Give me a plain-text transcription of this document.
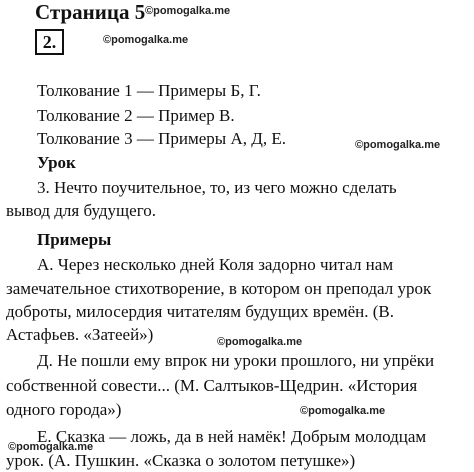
Страница 5 ©pomogalka.me
2.	©pomogalka.me
Толкование 1 — Примеры Б, Г.
Толкование 2 — Пример В.
Толкование 3 — Примеры А, Д, Е.	©pomogalka.me
Урок
3. Нечто поучительное, то, из чего можно сделать
вывод для будущего.
Примеры
А. Через несколько дней Коля задорно читал нам
замечательное стихотворение, в котором он преподал урок
доброты, милосердия читателям будущих времён. (В.
Астафьев. «Затеей»)	©pomogalka.me
Д. Не пошли ему впрок ни уроки прошлого, ни упрёки
собственной совести... (М. Салтыков-Щедрин. «История
одного города»)	©pomogalka.me
Е. Сказка — ложь, да в ней намёк! Добрым молодцам
©pomogalka.me
урок. (А. Пушкин. «Сказка о золотом петушке»)
